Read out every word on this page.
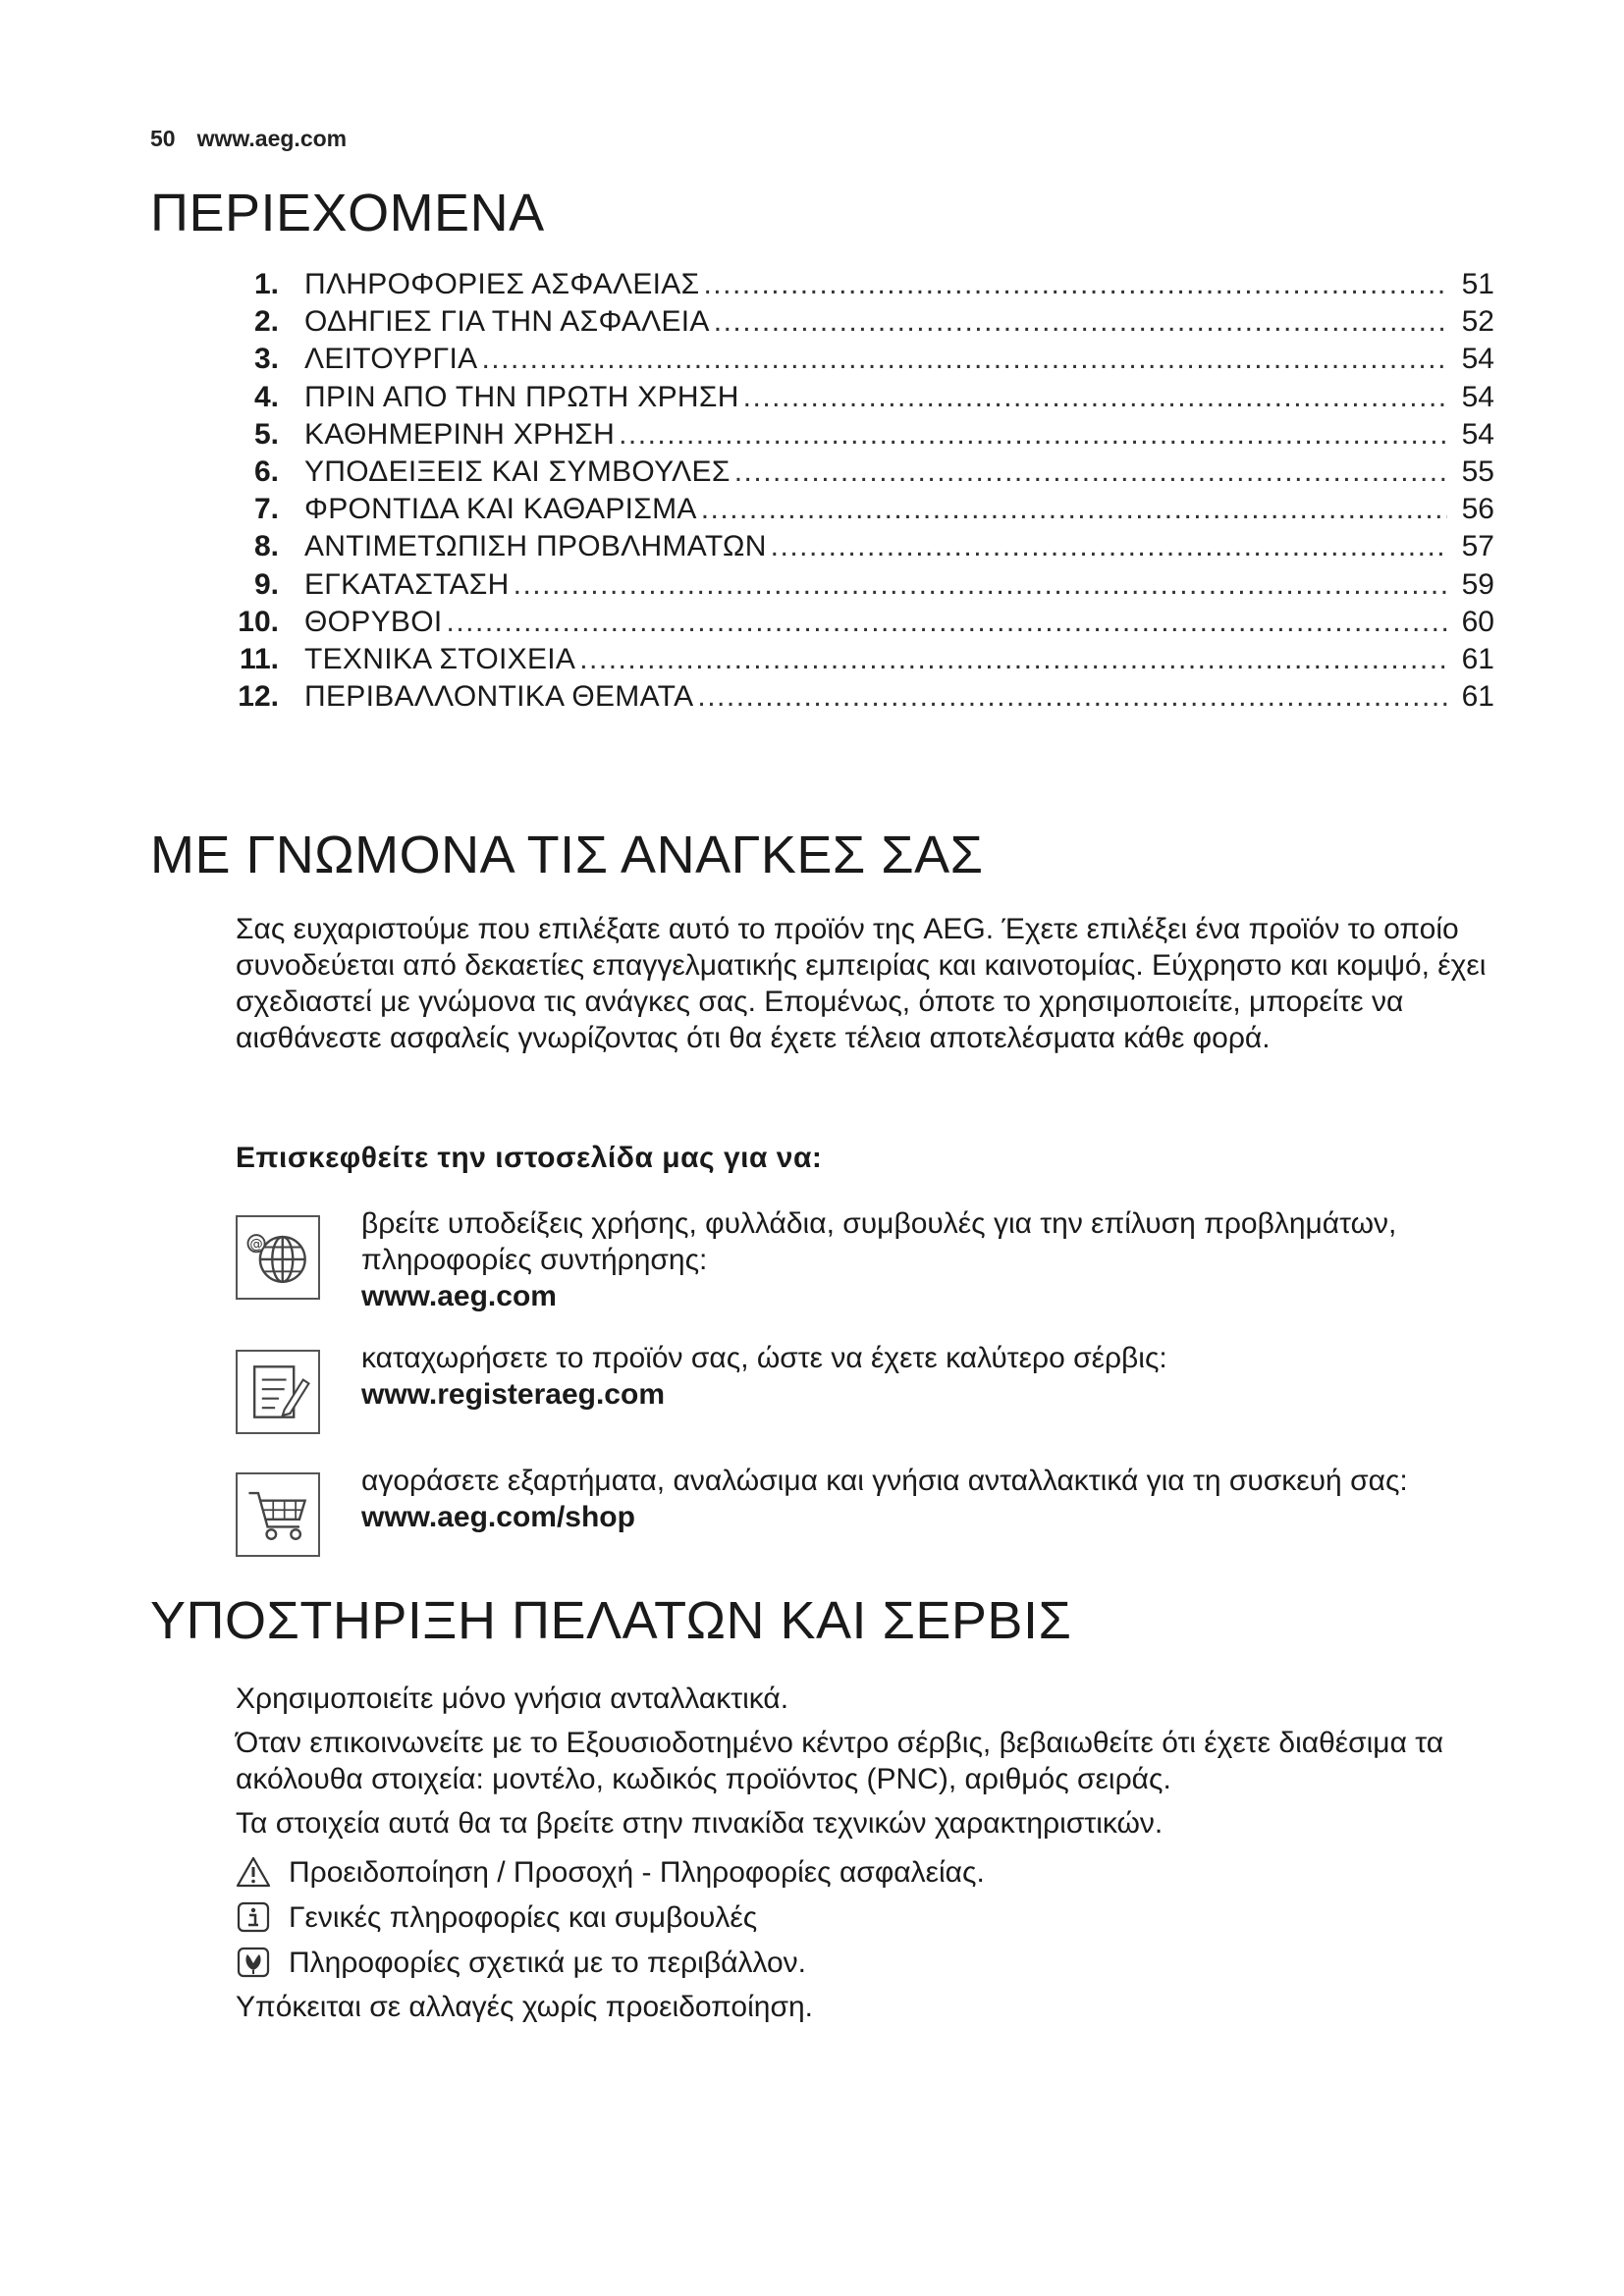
50 www.aeg.com
ΠΕΡΙΕΧΟΜΕΝΑ
1. ΠΛΗΡΟΦΟΡΙΕΣ ΑΣΦΑΛΕΙΑΣ .....	51
2. ΟΔΗΓΙΕΣ ΓΙΑ ΤΗΝ ΑΣΦΑΛΕΙΑ .....	52
3. ΛΕΙΤΟΥΡΓΙΑ .....	54
4. ΠΡΙΝ ΑΠΟ ΤΗΝ ΠΡΩΤΗ ΧΡΗΣΗ .....	54
5. ΚΑΘΗΜΕΡΙΝΗ ΧΡΗΣΗ .....	54
6. ΥΠΟΔΕΙΞΕΙΣ ΚΑΙ ΣΥΜΒΟΥΛΕΣ .....	55
7. ΦΡΟΝΤΙΔΑ ΚΑΙ ΚΑΘΑΡΙΣΜΑ .....	56
8. ΑΝΤΙΜΕΤΩΠΙΣΗ ΠΡΟΒΛΗΜΑΤΩΝ .....	57
9. ΕΓΚΑΤΑΣΤΑΣΗ .....	59
10. ΘΟΡΥΒΟΙ .....	60
11. ΤΕΧΝΙΚΑ ΣΤΟΙΧΕΙΑ .....	61
12. ΠΕΡΙΒΑΛΛΟΝΤΙΚΑ ΘΕΜΑΤΑ .....	61
ΜΕ ΓΝΩΜΟΝΑ ΤΙΣ ΑΝΑΓΚΕΣ ΣΑΣ

Σας ευχαριστούμε που επιλέξατε αυτό το προϊόν της AEG. Έχετε επιλέξει ένα προϊόν το οποίο συνοδεύεται από δεκαετίες επαγγελματικής εμπειρίας και καινοτομίας. Εύχρηστο και κομψό, έχει σχεδιαστεί με γνώμονα τις ανάγκες σας. Επομένως, όποτε το χρησιμοποιείτε, μπορείτε να αισθάνεστε ασφαλείς γνωρίζοντας ότι θα έχετε τέλεια αποτελέσματα κάθε φορά.

Επισκεφθείτε την ιστοσελίδα μας για να:

@
βρείτε υποδείξεις χρήσης, φυλλάδια, συμβουλές για την επίλυση προβλημάτων, πληροφορίες συντήρησης:
www.aeg.com
καταχωρήσετε το προϊόν σας, ώστε να έχετε καλύτερο σέρβις:
www.registeraeg.com
αγοράσετε εξαρτήματα, αναλώσιμα και γνήσια ανταλλακτικά για τη συσκευή σας:
www.aeg.com/shop
ΥΠΟΣΤΗΡΙΞΗ ΠΕΛΑΤΩΝ ΚΑΙ ΣΕΡΒΙΣ

Χρησιμοποιείτε μόνο γνήσια ανταλλακτικά.

Όταν επικοινωνείτε με το Εξουσιοδοτημένο κέντρο σέρβις, βεβαιωθείτε ότι έχετε διαθέσιμα τα ακόλουθα στοιχεία: μοντέλο, κωδικός προϊόντος (PNC), αριθμός σειράς.

Τα στοιχεία αυτά θα τα βρείτε στην πινακίδα τεχνικών χαρακτηριστικών.

Προειδοποίηση / Προσοχή - Πληροφορίες ασφαλείας.
Γενικές πληροφορίες και συμβουλές
Πληροφορίες σχετικά με το περιβάλλον.

Υπόκειται σε αλλαγές χωρίς προειδοποίηση.
